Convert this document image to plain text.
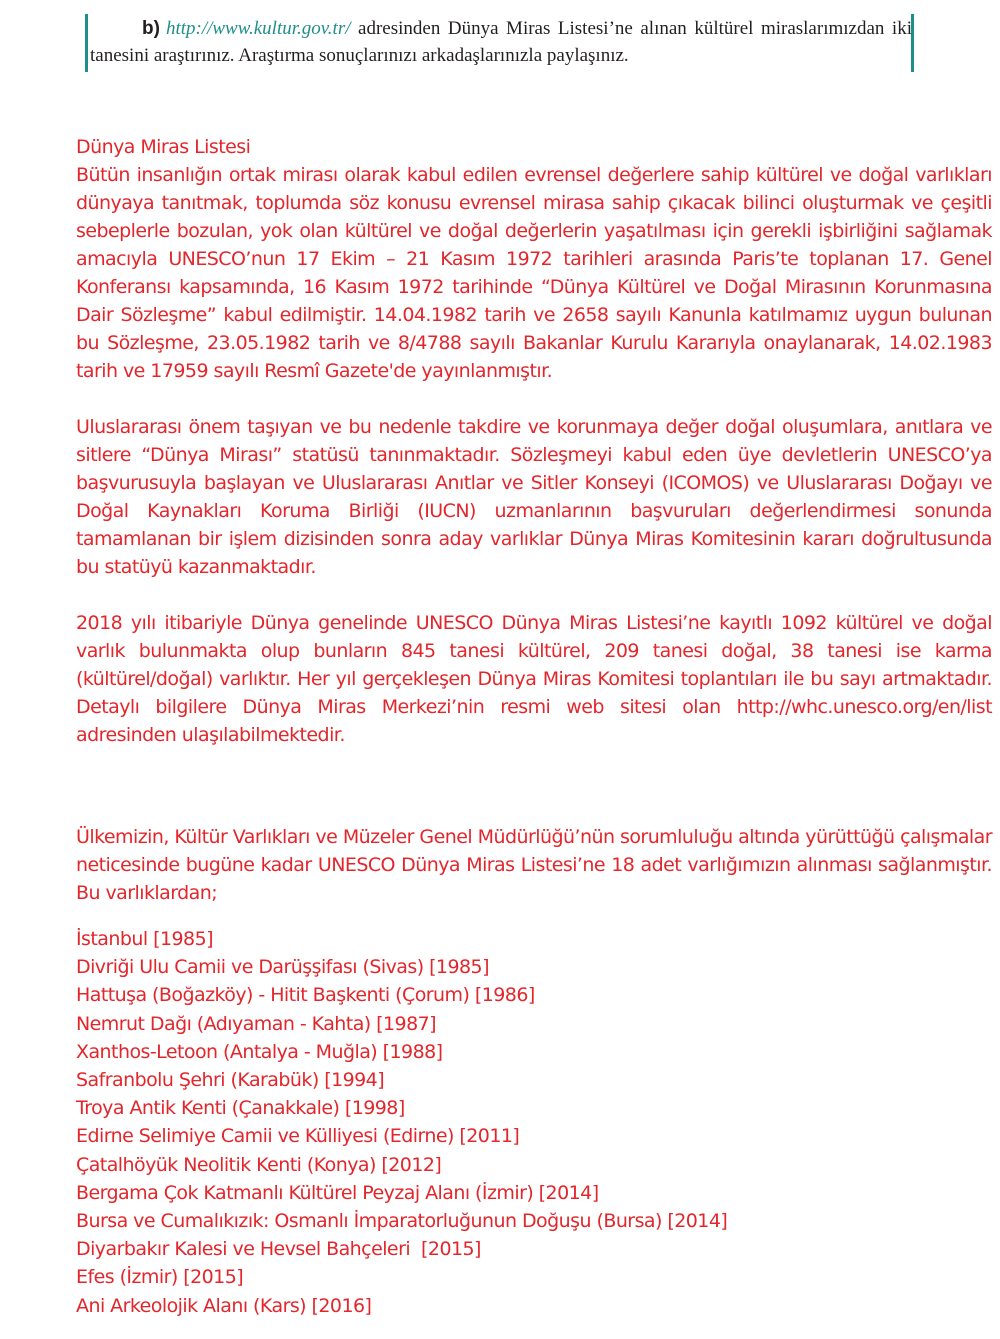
b) http://www.kultur.gov.tr/ adresinden Dünya Miras Listesi’ne alınan kültürel miraslarımızdan iki tanesini araştırınız. Araştırma sonuçlarınızı arkadaşlarınızla paylaşınız.

Dünya Miras Listesi

Bütün insanlığın ortak mirası olarak kabul edilen evrensel değerlere sahip kültürel ve doğal varlıkları dünyaya tanıtmak, toplumda söz konusu evrensel mirasa sahip çıkacak bilinci oluşturmak ve çeşitli sebeplerle bozulan, yok olan kültürel ve doğal değerlerin yaşatılması için gerekli işbirliğini sağlamak amacıyla UNESCO’nun 17 Ekim – 21 Kasım 1972 tarihleri arasında Paris’te toplanan 17. Genel Konferansı kapsamında, 16 Kasım 1972 tarihinde “Dünya Kültürel ve Doğal Mirasının Korunmasına Dair Sözleşme” kabul edilmiştir. 14.04.1982 tarih ve 2658 sayılı Kanunla katılmamız uygun bulunan bu Sözleşme, 23.05.1982 tarih ve 8/4788 sayılı Bakanlar Kurulu Kararıyla onaylanarak, 14.02.1983 tarih ve 17959 sayılı Resmî Gazete'de yayınlanmıştır.

Uluslararası önem taşıyan ve bu nedenle takdire ve korunmaya değer doğal oluşumlara, anıtlara ve sitlere “Dünya Mirası” statüsü tanınmaktadır. Sözleşmeyi kabul eden üye devletlerin UNESCO’ya başvurusuyla başlayan ve Uluslararası Anıtlar ve Sitler Konseyi (ICOMOS) ve Uluslararası Doğayı ve Doğal Kaynakları Koruma Birliği (IUCN) uzmanlarının başvuruları değerlendirmesi sonunda tamamlanan bir işlem dizisinden sonra aday varlıklar Dünya Miras Komitesinin kararı doğrultusunda bu statüyü kazanmaktadır.

2018 yılı itibariyle Dünya genelinde UNESCO Dünya Miras Listesi’ne kayıtlı 1092 kültürel ve doğal varlık bulunmakta olup bunların 845 tanesi kültürel, 209 tanesi doğal, 38 tanesi ise karma (kültürel/doğal) varlıktır. Her yıl gerçekleşen Dünya Miras Komitesi toplantıları ile bu sayı artmaktadır. Detaylı bilgilere Dünya Miras Merkezi’nin resmi web sitesi olan http://whc.unesco.org/en/list adresinden ulaşılabilmektedir.

Ülkemizin, Kültür Varlıkları ve Müzeler Genel Müdürlüğü’nün sorumluluğu altında yürüttüğü çalışmalar neticesinde bugüne kadar UNESCO Dünya Miras Listesi’ne 18 adet varlığımızın alınması sağlanmıştır. Bu varlıklardan;

İstanbul [1985]
Divriği Ulu Camii ve Darüşşifası (Sivas) [1985]
Hattuşa (Boğazköy) - Hitit Başkenti (Çorum) [1986]
Nemrut Dağı (Adıyaman - Kahta) [1987]
Xanthos-Letoon (Antalya - Muğla) [1988]
Safranbolu Şehri (Karabük) [1994]
Troya Antik Kenti (Çanakkale) [1998]
Edirne Selimiye Camii ve Külliyesi (Edirne) [2011]
Çatalhöyük Neolitik Kenti (Konya) [2012]
Bergama Çok Katmanlı Kültürel Peyzaj Alanı (İzmir) [2014]
Bursa ve Cumalıkızık: Osmanlı İmparatorluğunun Doğuşu (Bursa) [2014]
Diyarbakır Kalesi ve Hevsel Bahçeleri  [2015]
Efes (İzmir) [2015]
Ani Arkeolojik Alanı (Kars) [2016]
